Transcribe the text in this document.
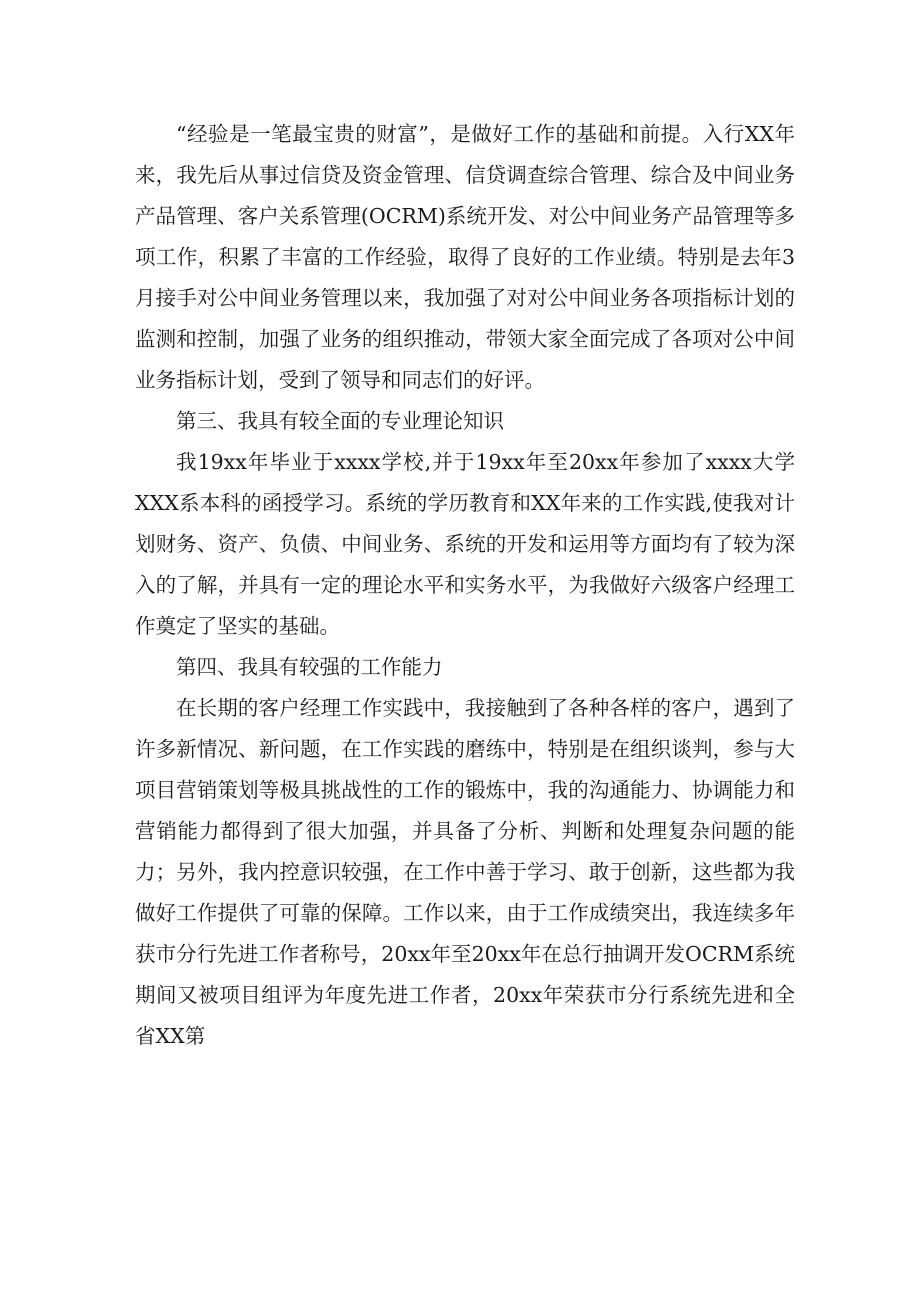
“经验是一笔最宝贵的财富”，是做好工作的基础和前提。入行XX年来，我先后从事过信贷及资金管理、信贷调查综合管理、综合及中间业务产品管理、客户关系管理(OCRM)系统开发、对公中间业务产品管理等多项工作，积累了丰富的工作经验，取得了良好的工作业绩。特别是去年3月接手对公中间业务管理以来，我加强了对对公中间业务各项指标计划的监测和控制，加强了业务的组织推动，带领大家全面完成了各项对公中间业务指标计划，受到了领导和同志们的好评。

第三、我具有较全面的专业理论知识

我19xx年毕业于xxxx学校,并于19xx年至20xx年参加了xxxx大学XXX系本科的函授学习。系统的学历教育和XX年来的工作实践,使我对计划财务、资产、负债、中间业务、系统的开发和运用等方面均有了较为深入的了解，并具有一定的理论水平和实务水平，为我做好六级客户经理工作奠定了坚实的基础。

第四、我具有较强的工作能力

在长期的客户经理工作实践中，我接触到了各种各样的客户，遇到了许多新情况、新问题，在工作实践的磨练中，特别是在组织谈判，参与大项目营销策划等极具挑战性的工作的锻炼中，我的沟通能力、协调能力和营销能力都得到了很大加强，并具备了分析、判断和处理复杂问题的能力；另外，我内控意识较强，在工作中善于学习、敢于创新，这些都为我做好工作提供了可靠的保障。工作以来，由于工作成绩突出，我连续多年获市分行先进工作者称号，20xx年至20xx年在总行抽调开发OCRM系统期间又被项目组评为年度先进工作者，20xx年荣获市分行系统先进和全省XX第
